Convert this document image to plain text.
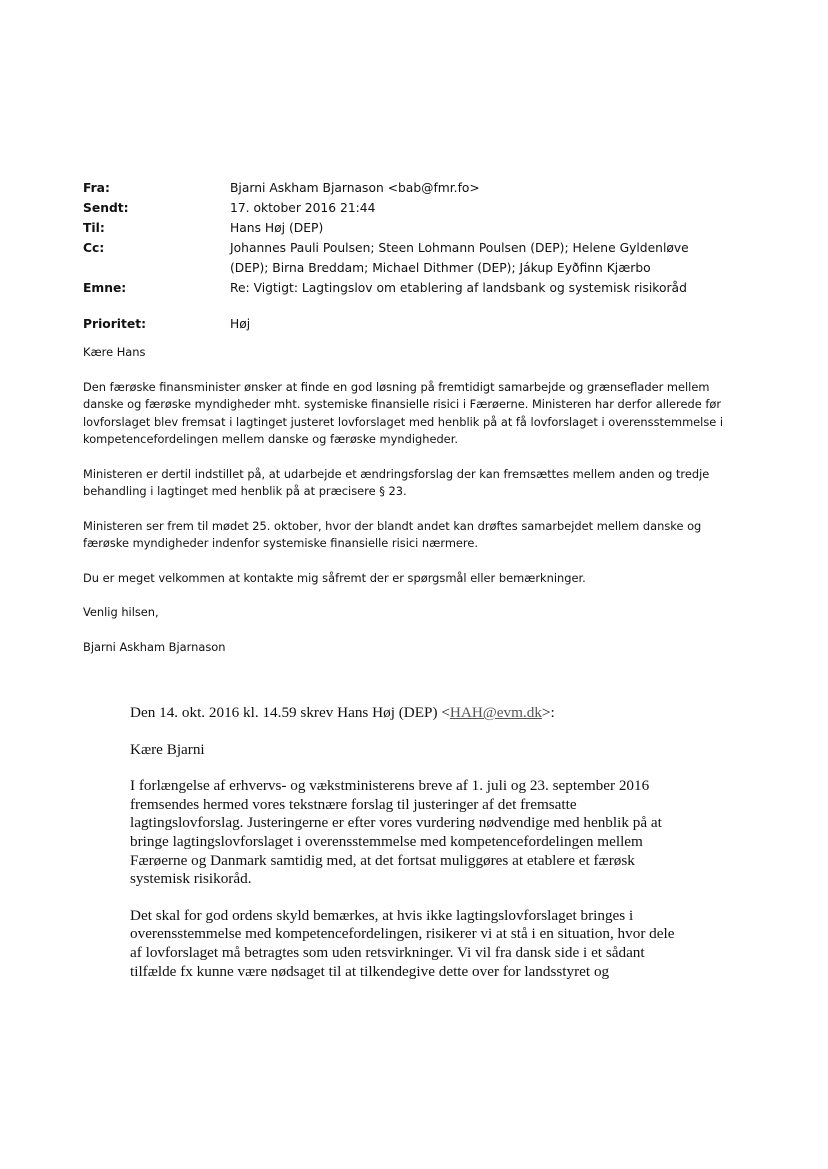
Fra:	Bjarni Askham Bjarnason <bab@fmr.fo>
Sendt:	17. oktober 2016 21:44
Til:	Hans Høj (DEP)
Cc:	Johannes Pauli Poulsen; Steen Lohmann Poulsen (DEP); Helene Gyldenløve (DEP); Birna Breddam; Michael Dithmer (DEP); Jákup Eyðfinn Kjærbo
Emne:	Re: Vigtigt: Lagtingslov om etablering af landsbank og systemisk risikoråd
Prioritet:	Høj

Kære Hans

Den færøske finansminister ønsker at finde en god løsning på fremtidigt samarbejde og grænseflader mellem danske og færøske myndigheder mht. systemiske finansielle risici i Færøerne. Ministeren har derfor allerede før lovforslaget blev fremsat i lagtinget justeret lovforslaget med henblik på at få lovforslaget i overensstemmelse i kompetencefordelingen mellem danske og færøske myndigheder.

Ministeren er dertil indstillet på, at udarbejde et ændringsforslag der kan fremsættes mellem anden og tredje behandling i lagtinget med henblik på at præcisere § 23.

Ministeren ser frem til mødet 25. oktober, hvor der blandt andet kan drøftes samarbejdet mellem danske og færøske myndigheder indenfor systemiske finansielle risici nærmere.

Du er meget velkommen at kontakte mig såfremt der er spørgsmål eller bemærkninger.

Venlig hilsen,

Bjarni Askham Bjarnason

Den 14. okt. 2016 kl. 14.59 skrev Hans Høj (DEP) <HAH@evm.dk>:

Kære Bjarni

I forlængelse af erhvervs- og vækstministerens breve af 1. juli og 23. september 2016 fremsendes hermed vores tekstnære forslag til justeringer af det fremsatte lagtingslovforslag. Justeringerne er efter vores vurdering nødvendige med henblik på at bringe lagtingslovforslaget i overensstemmelse med kompetencefordelingen mellem Færøerne og Danmark samtidig med, at det fortsat muliggøres at etablere et færøsk systemisk risikoråd.

Det skal for god ordens skyld bemærkes, at hvis ikke lagtingslovforslaget bringes i overensstemmelse med kompetencefordelingen, risikerer vi at stå i en situation, hvor dele af lovforslaget må betragtes som uden retsvirkninger. Vi vil fra dansk side i et sådant tilfælde fx kunne være nødsaget til at tilkendegive dette over for landsstyret og
